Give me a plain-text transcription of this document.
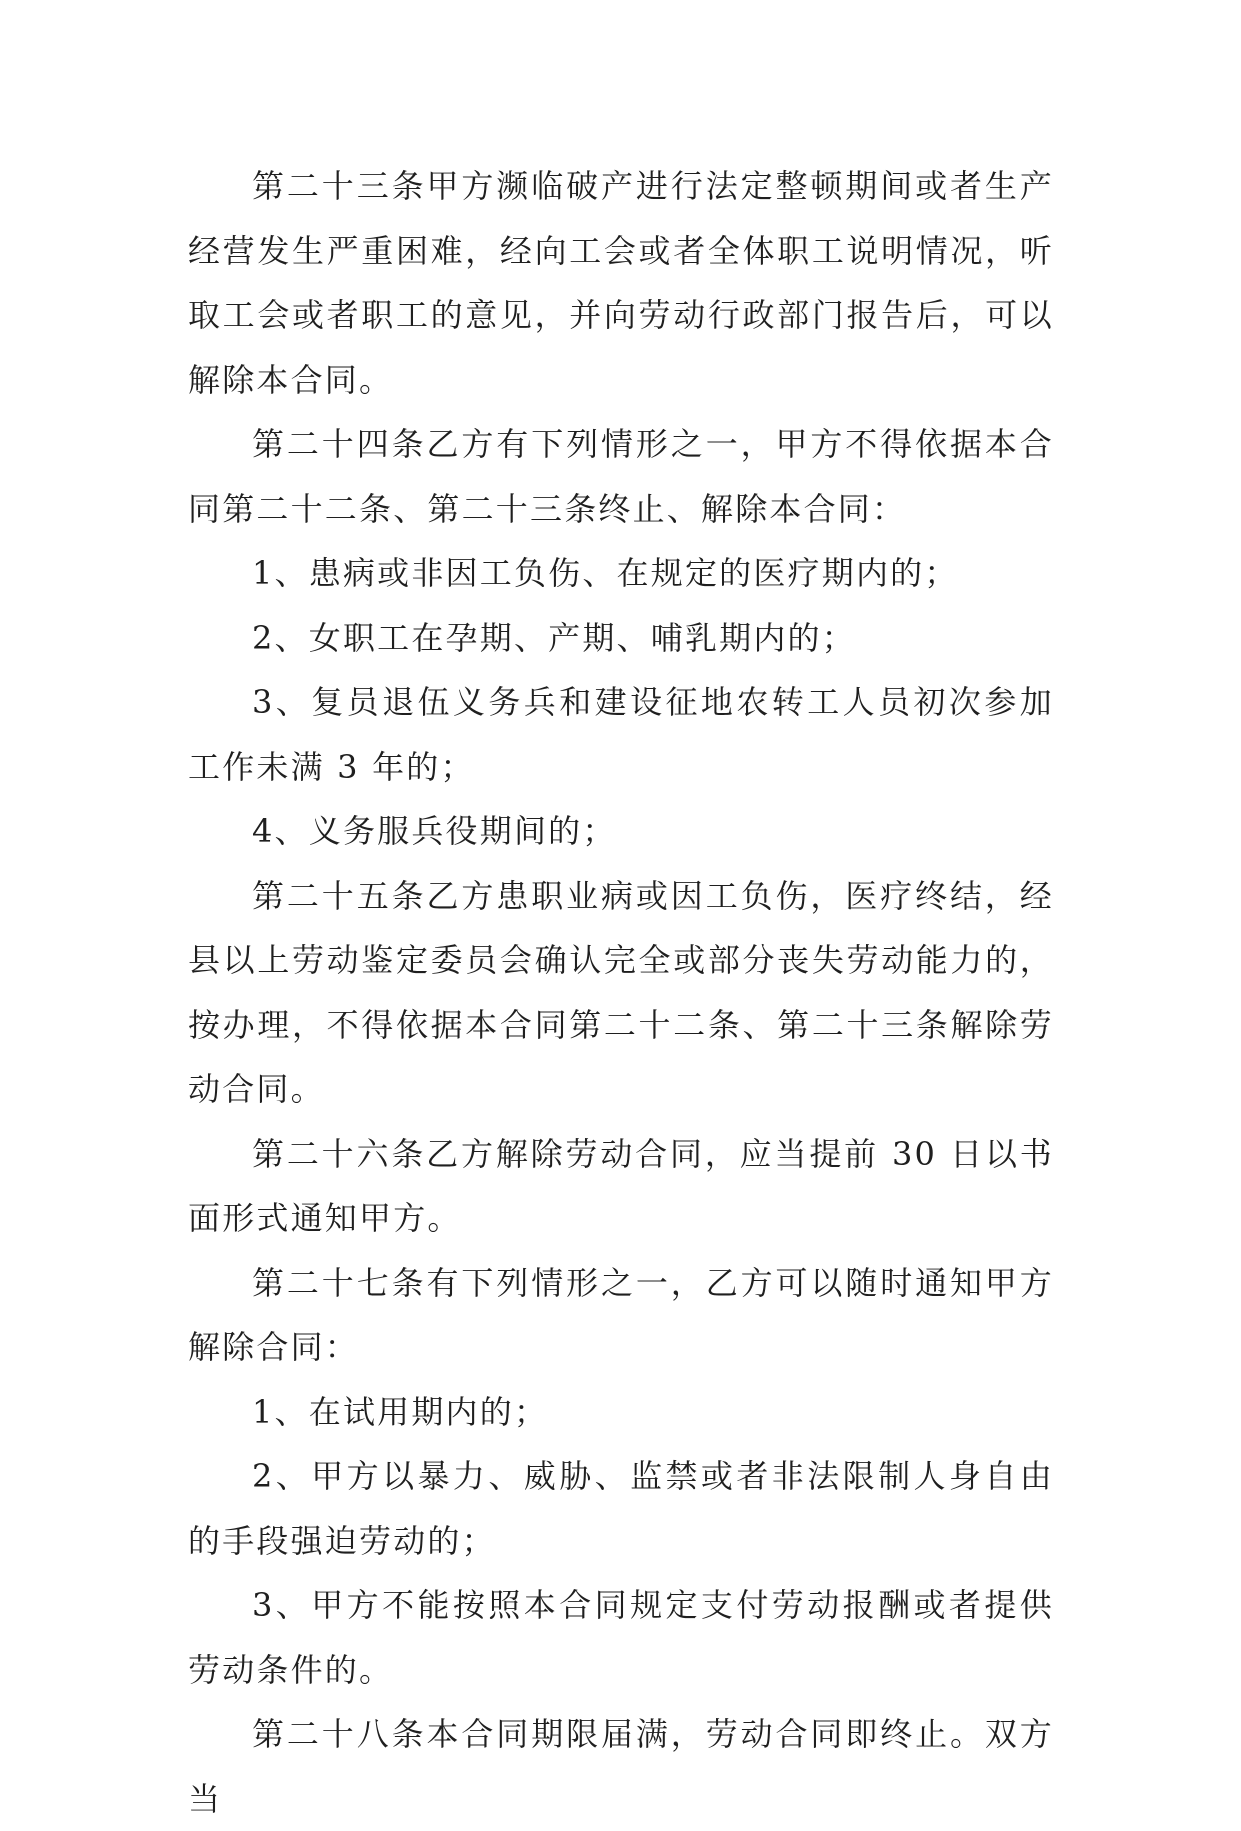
第二十三条甲方濒临破产进行法定整顿期间或者生产经营发生严重困难，经向工会或者全体职工说明情况，听取工会或者职工的意见，并向劳动行政部门报告后，可以解除本合同。

第二十四条乙方有下列情形之一，甲方不得依据本合同第二十二条、第二十三条终止、解除本合同：

1、患病或非因工负伤、在规定的医疗期内的；

2、女职工在孕期、产期、哺乳期内的；

3、复员退伍义务兵和建设征地农转工人员初次参加工作未满 3 年的；

4、义务服兵役期间的；

第二十五条乙方患职业病或因工负伤，医疗终结，经县以上劳动鉴定委员会确认完全或部分丧失劳动能力的，按办理，不得依据本合同第二十二条、第二十三条解除劳动合同。

第二十六条乙方解除劳动合同，应当提前 30 日以书面形式通知甲方。

第二十七条有下列情形之一，乙方可以随时通知甲方解除合同：

1、在试用期内的；

2、甲方以暴力、威胁、监禁或者非法限制人身自由的手段强迫劳动的；

3、甲方不能按照本合同规定支付劳动报酬或者提供劳动条件的。

第二十八条本合同期限届满，劳动合同即终止。双方当
